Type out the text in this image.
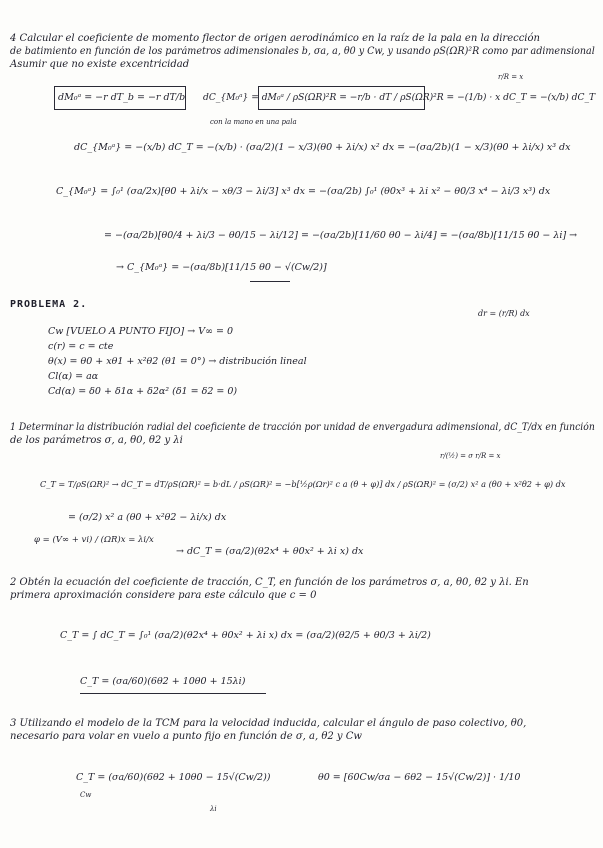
4 Calcular el coeficiente de momento flector de origen aerodinámico en la raíz de la pala en la dirección
de batimiento en función de los parámetros adimensionales b, σa, a, θ0 y Cw, y usando ρS(ΩR)²R como par adimensional
Asumir que no existe excentricidad
r/R = x
dM₀ᵃ = −r dT_b = −r dT/b dC_{M₀ᵃ} = dM₀ᵃ / ρS(ΩR)²R = −r/b · dT / ρS(ΩR)²R = −(1/b) · x dC_T = −(x/b) dC_T
con la mano en una pala
dC_{M₀ᵃ} = −(x/b) dC_T = −(x/b) · (σa/2)(1 − x/3)(θ0 + λi/x) x² dx = −(σa/2b)(1 − x/3)(θ0 + λi/x) x³ dx
C_{M₀ᵃ} = ∫₀¹ (σa/2x)[θ0 + λi/x − xθ/3 − λi/3] x³ dx = −(σa/2b) ∫₀¹ (θ0x³ + λi x² − θ0/3 x⁴ − λi/3 x³) dx
= −(σa/2b)[θ0/4 + λi/3 − θ0/15 − λi/12] = −(σa/2b)[11/60 θ0 − λi/4] = −(σa/8b)[11/15 θ0 − λi] →
→ C_{M₀ᵃ} = −(σa/8b)[11/15 θ0 − √(Cw/2)]
PROBLEMA 2.
dr = (r/R) dx
Cw [VUELO A PUNTO FIJO] → V∞ = 0
c(r) = c = cte
θ(x) = θ0 + xθ1 + x²θ2 (θ1 = 0°) → distribución lineal
Cl(α) = aα
Cd(α) = δ0 + δ1α + δ2α² (δ1 = δ2 = 0)
1 Determinar la distribución radial del coeficiente de tracción por unidad de envergadura adimensional, dC_T/dx en función
de los parámetros σ, a, θ0, θ2 y λi
r/(½) = σ r/R = x
C_T = T/ρS(ΩR)² → dC_T = dT/ρS(ΩR)² = b·dL / ρS(ΩR)² = −b[½ρ(Ωr)² c a (θ + φ)] dx / ρS(ΩR)² = (σ/2) x² a (θ0 + x²θ2 + φ) dx
= (σ/2) x² a (θ0 + x²θ2 − λi/x) dx
φ = (V∞ + vi) / (ΩR)x = λi/x
→ dC_T = (σa/2)(θ2x⁴ + θ0x² + λi x) dx
2 Obtén la ecuación del coeficiente de tracción, C_T, en función de los parámetros σ, a, θ0, θ2 y λi. En
primera aproximación considere para este cálculo que c = 0
C_T = ∫ dC_T = ∫₀¹ (σa/2)(θ2x⁴ + θ0x² + λi x) dx = (σa/2)(θ2/5 + θ0/3 + λi/2)
C_T = (σa/60)(6θ2 + 10θ0 + 15λi)
3 Utilizando el modelo de la TCM para la velocidad inducida, calcular el ángulo de paso colectivo, θ0,
necesario para volar en vuelo a punto fijo en función de σ, a, θ2 y Cw
C_T = (σa/60)(6θ2 + 10θ0 − 15√(Cw/2))
Cw
λi
θ0 = [60Cw/σa − 6θ2 − 15√(Cw/2)] · 1/10
